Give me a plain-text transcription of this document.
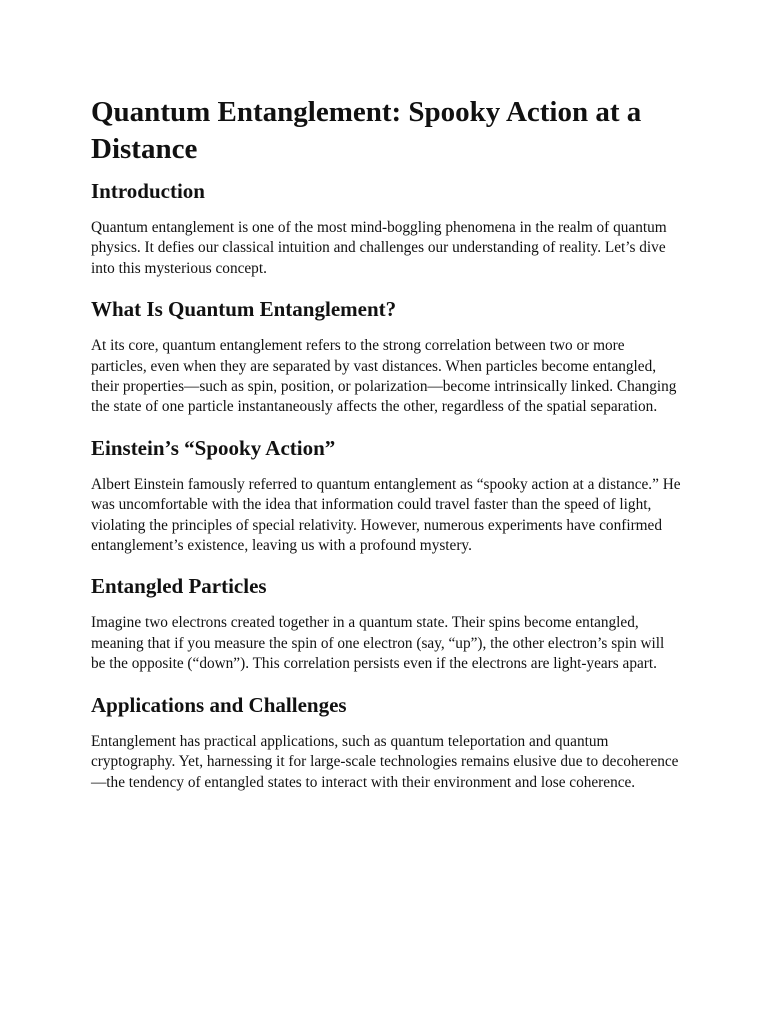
Quantum Entanglement: Spooky Action at a Distance
Introduction

Quantum entanglement is one of the most mind-boggling phenomena in the realm of quantum physics. It defies our classical intuition and challenges our understanding of reality. Let’s dive into this mysterious concept.

What Is Quantum Entanglement?

At its core, quantum entanglement refers to the strong correlation between two or more particles, even when they are separated by vast distances. When particles become entangled, their properties—such as spin, position, or polarization—become intrinsically linked. Changing the state of one particle instantaneously affects the other, regardless of the spatial separation.

Einstein’s “Spooky Action”

Albert Einstein famously referred to quantum entanglement as “spooky action at a distance.” He was uncomfortable with the idea that information could travel faster than the speed of light, violating the principles of special relativity. However, numerous experiments have confirmed entanglement’s existence, leaving us with a profound mystery.

Entangled Particles

Imagine two electrons created together in a quantum state. Their spins become entangled, meaning that if you measure the spin of one electron (say, “up”), the other electron’s spin will be the opposite (“down”). This correlation persists even if the electrons are light-years apart.

Applications and Challenges

Entanglement has practical applications, such as quantum teleportation and quantum cryptography. Yet, harnessing it for large-scale technologies remains elusive due to decoherence—the tendency of entangled states to interact with their environment and lose coherence.
